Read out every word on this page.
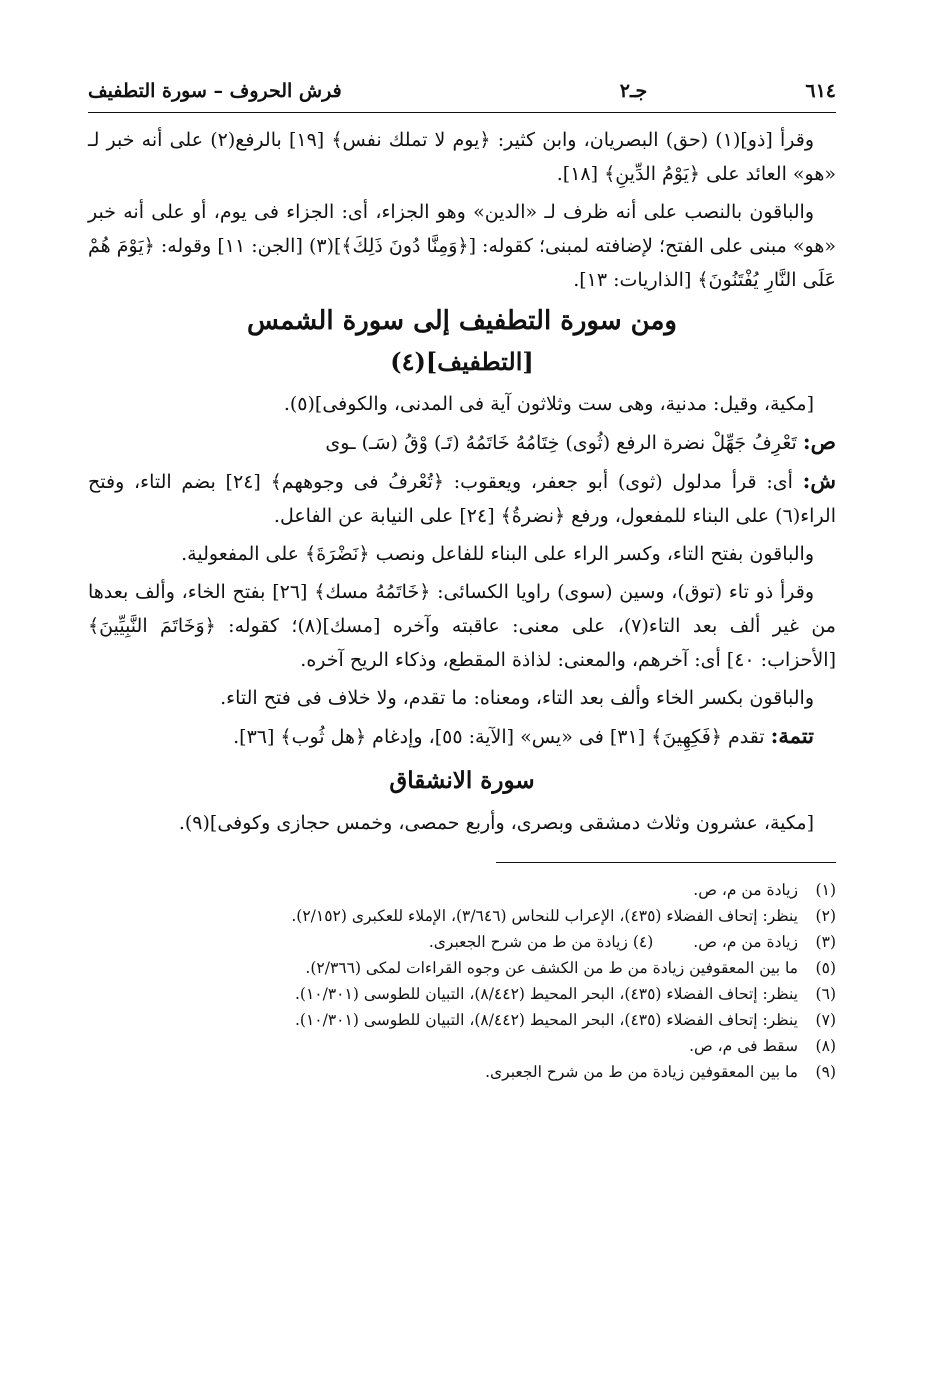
٦١٤
جـ٢
فرش الحروف – سورة التطفيف

وقرأ [ذو](١) (حق) البصريان، وابن كثير: ﴿يوم لا تملك نفس﴾ [١٩] بالرفع(٢) على أنه خبر لـ «هو» العائد على ﴿يَوْمُ الدِّينِ﴾ [١٨].

والباقون بالنصب على أنه ظرف لـ «الدين» وهو الجزاء، أى: الجزاء فى يوم، أو على أنه خبر «هو» مبنى على الفتح؛ لإضافته لمبنى؛ كقوله: [﴿وَمِنَّا دُونَ ذَلِكَ﴾](٣) [الجن: ١١] وقوله: ﴿يَوْمَ هُمْ عَلَى النَّارِ يُفْتَنُونَ﴾ [الذاريات: ١٣].

ومن سورة التطفيف إلى سورة الشمس
[التطفيف](٤)

[مكية، وقيل: مدنية، وهى ست وثلاثون آية فى المدنى، والكوفى](٥).

ص: تَعْرِفُ جَهِّلْ نضرة الرفع (ثُوى) خِتَامُهُ خَاتَمُهُ (تَـ) وْقُ (سَـ) ـوى

ش: أى: قرأ مدلول (ثوى) أبو جعفر، ويعقوب: ﴿تُعْرفُ فى وجوههم﴾ [٢٤] بضم التاء، وفتح الراء(٦) على البناء للمفعول، ورفع ﴿نضرةُ﴾ [٢٤] على النيابة عن الفاعل.

والباقون بفتح التاء، وكسر الراء على البناء للفاعل ونصب ﴿نَضْرَةَ﴾ على المفعولية.

وقرأ ذو تاء (توق)، وسين (سوى) راويا الكسائى: ﴿خَاتَمُهُ مسك﴾ [٢٦] بفتح الخاء، وألف بعدها من غير ألف بعد التاء(٧)، على معنى: عاقبته وآخره [مسك](٨)؛ كقوله: ﴿وَخَاتَمَ النَّبِيِّينَ﴾ [الأحزاب: ٤٠] أى: آخرهم، والمعنى: لذاذة المقطع، وذكاء الريح آخره.

والباقون بكسر الخاء وألف بعد التاء، ومعناه: ما تقدم، ولا خلاف فى فتح التاء.

تتمة: تقدم ﴿فَكِهِينَ﴾ [٣١] فى «يس» [الآية: ٥٥]، وإدغام ﴿هل ثُوب﴾ [٣٦].

سورة الانشقاق

[مكية، عشرون وثلاث دمشقى وبصرى، وأربع حمصى، وخمس حجازى وكوفى](٩).

(١)
زيادة من م، ص.
(٢)
ينظر: إتحاف الفضلاء (٤٣٥)، الإعراب للنحاس (٣/٦٤٦)، الإملاء للعكبرى (٢/١٥٢).
(٣)
زيادة من م، ص.(٤) زيادة من ط من شرح الجعبرى.
(٥)
ما بين المعقوفين زيادة من ط من الكشف عن وجوه القراءات لمكى (٢/٣٦٦).
(٦)
ينظر: إتحاف الفضلاء (٤٣٥)، البحر المحيط (٨/٤٤٢)، التبيان للطوسى (١٠/٣٠١).
(٧)
ينظر: إتحاف الفضلاء (٤٣٥)، البحر المحيط (٨/٤٤٢)، التبيان للطوسى (١٠/٣٠١).
(٨)
سقط فى م، ص.
(٩)
ما بين المعقوفين زيادة من ط من شرح الجعبرى.
